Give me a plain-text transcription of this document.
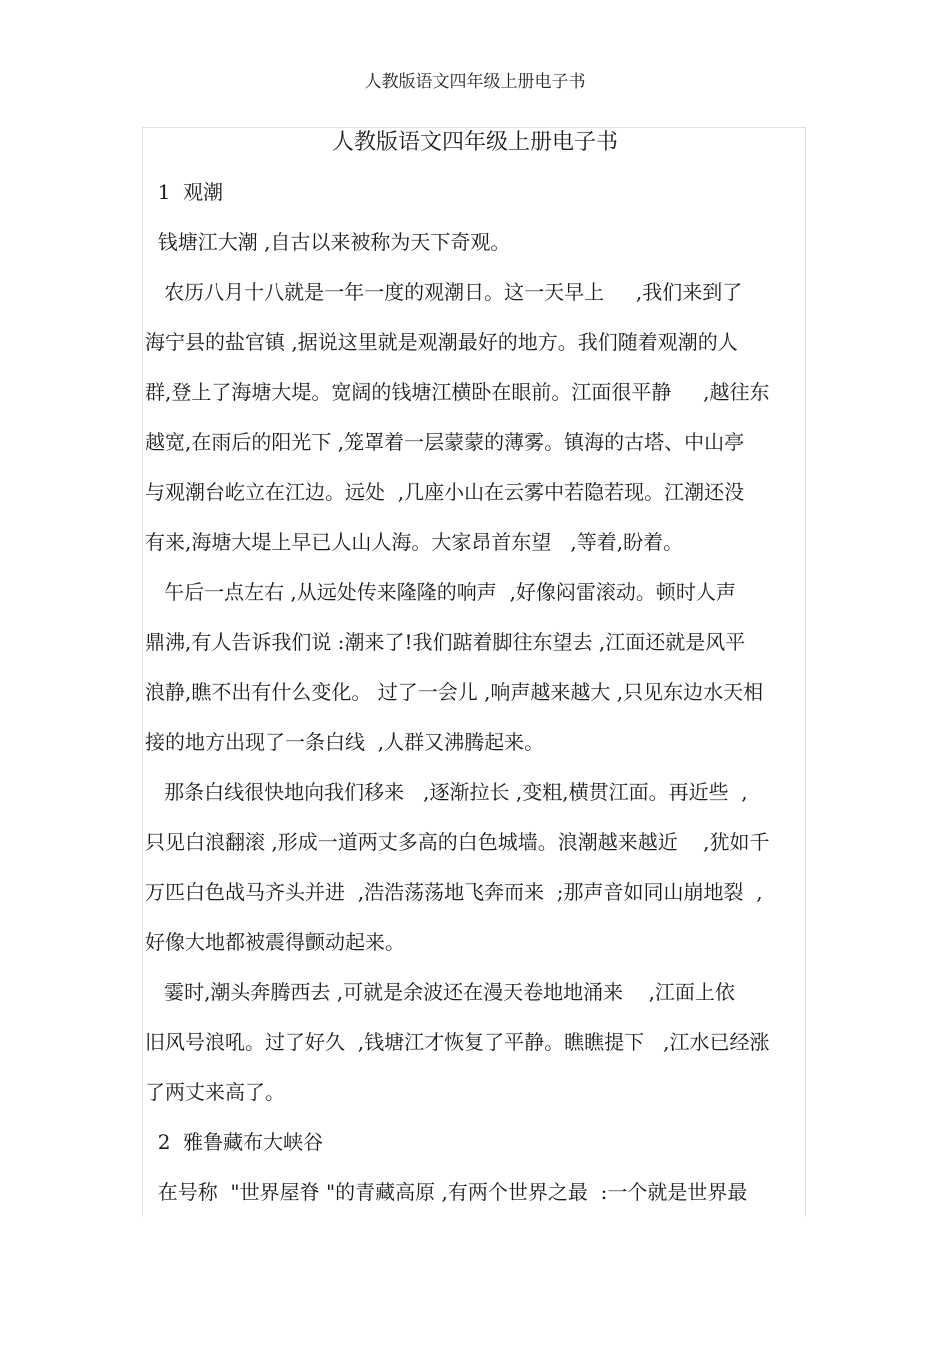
人教版语文四年级上册电子书
人教版语文四年级上册电子书
1  观潮
钱塘江大潮 ,自古以来被称为天下奇观。
农历八月十八就是一年一度的观潮日。这一天早上     ,我们来到了
海宁县的盐官镇 ,据说这里就是观潮最好的地方。我们随着观潮的人
群,登上了海塘大堤。宽阔的钱塘江横卧在眼前。江面很平静     ,越往东
越宽,在雨后的阳光下 ,笼罩着一层蒙蒙的薄雾。镇海的古塔、中山亭
与观潮台屹立在江边。远处  ,几座小山在云雾中若隐若现。江潮还没
有来,海塘大堤上早已人山人海。大家昂首东望   ,等着,盼着。
午后一点左右 ,从远处传来隆隆的响声  ,好像闷雷滚动。顿时人声
鼎沸,有人告诉我们说 :潮来了!我们踮着脚往东望去 ,江面还就是风平
浪静,瞧不出有什么变化。 过了一会儿 ,响声越来越大 ,只见东边水天相
接的地方出现了一条白线  ,人群又沸腾起来。
那条白线很快地向我们移来   ,逐渐拉长 ,变粗,横贯江面。再近些  ,
只见白浪翻滚 ,形成一道两丈多高的白色城墙。浪潮越来越近    ,犹如千
万匹白色战马齐头并进  ,浩浩荡荡地飞奔而来  ;那声音如同山崩地裂  ,
好像大地都被震得颤动起来。
霎时,潮头奔腾西去 ,可就是余波还在漫天卷地地涌来    ,江面上依
旧风号浪吼。过了好久  ,钱塘江才恢复了平静。瞧瞧提下   ,江水已经涨
了两丈来高了。
2  雅鲁藏布大峡谷
在号称  "世界屋脊 "的青藏高原 ,有两个世界之最  :一个就是世界最
